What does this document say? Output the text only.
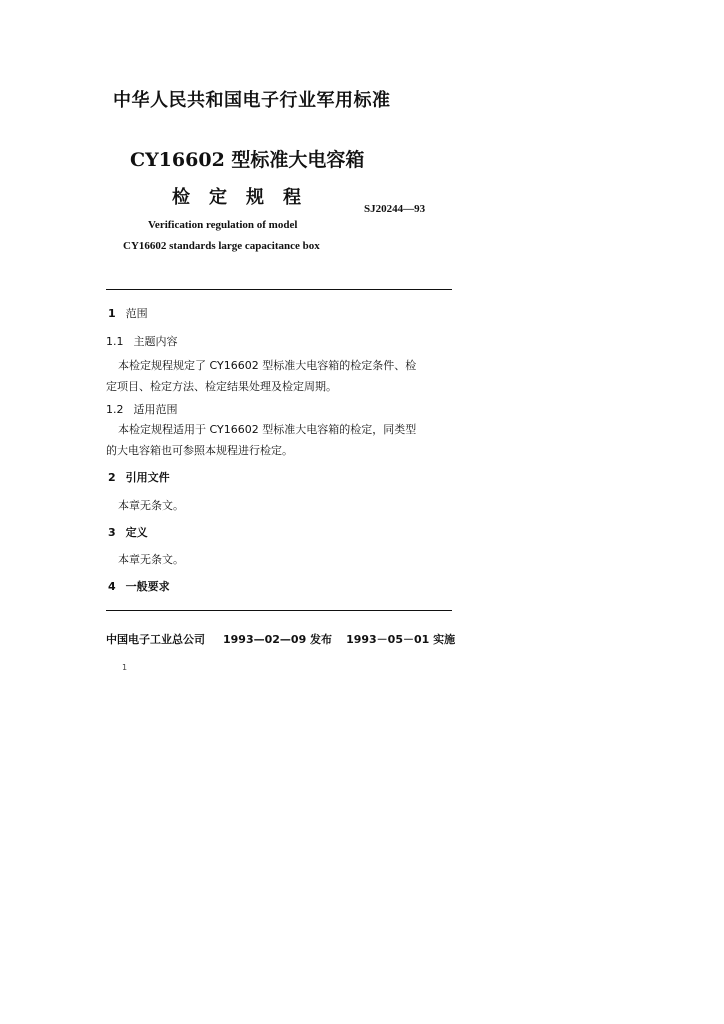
中华人民共和国电子行业军用标准
CY16602 型标准大电容箱
检定规程
SJ20244—93
Verification regulation of model
CY16602 standards large capacitance box
1 范围
1.1 主题内容
本检定规程规定了 CY16602 型标准大电容箱的检定条件、检
定项目、检定方法、检定结果处理及检定周期。
1.2 适用范围
本检定规程适用于 CY16602 型标准大电容箱的检定，同类型
的大电容箱也可参照本规程进行检定。
2 引用文件
本章无条文。
3 定义
本章无条文。
4 一般要求
中国电子工业总公司 1993—02—09 发布 1993－05－01 实施
1
